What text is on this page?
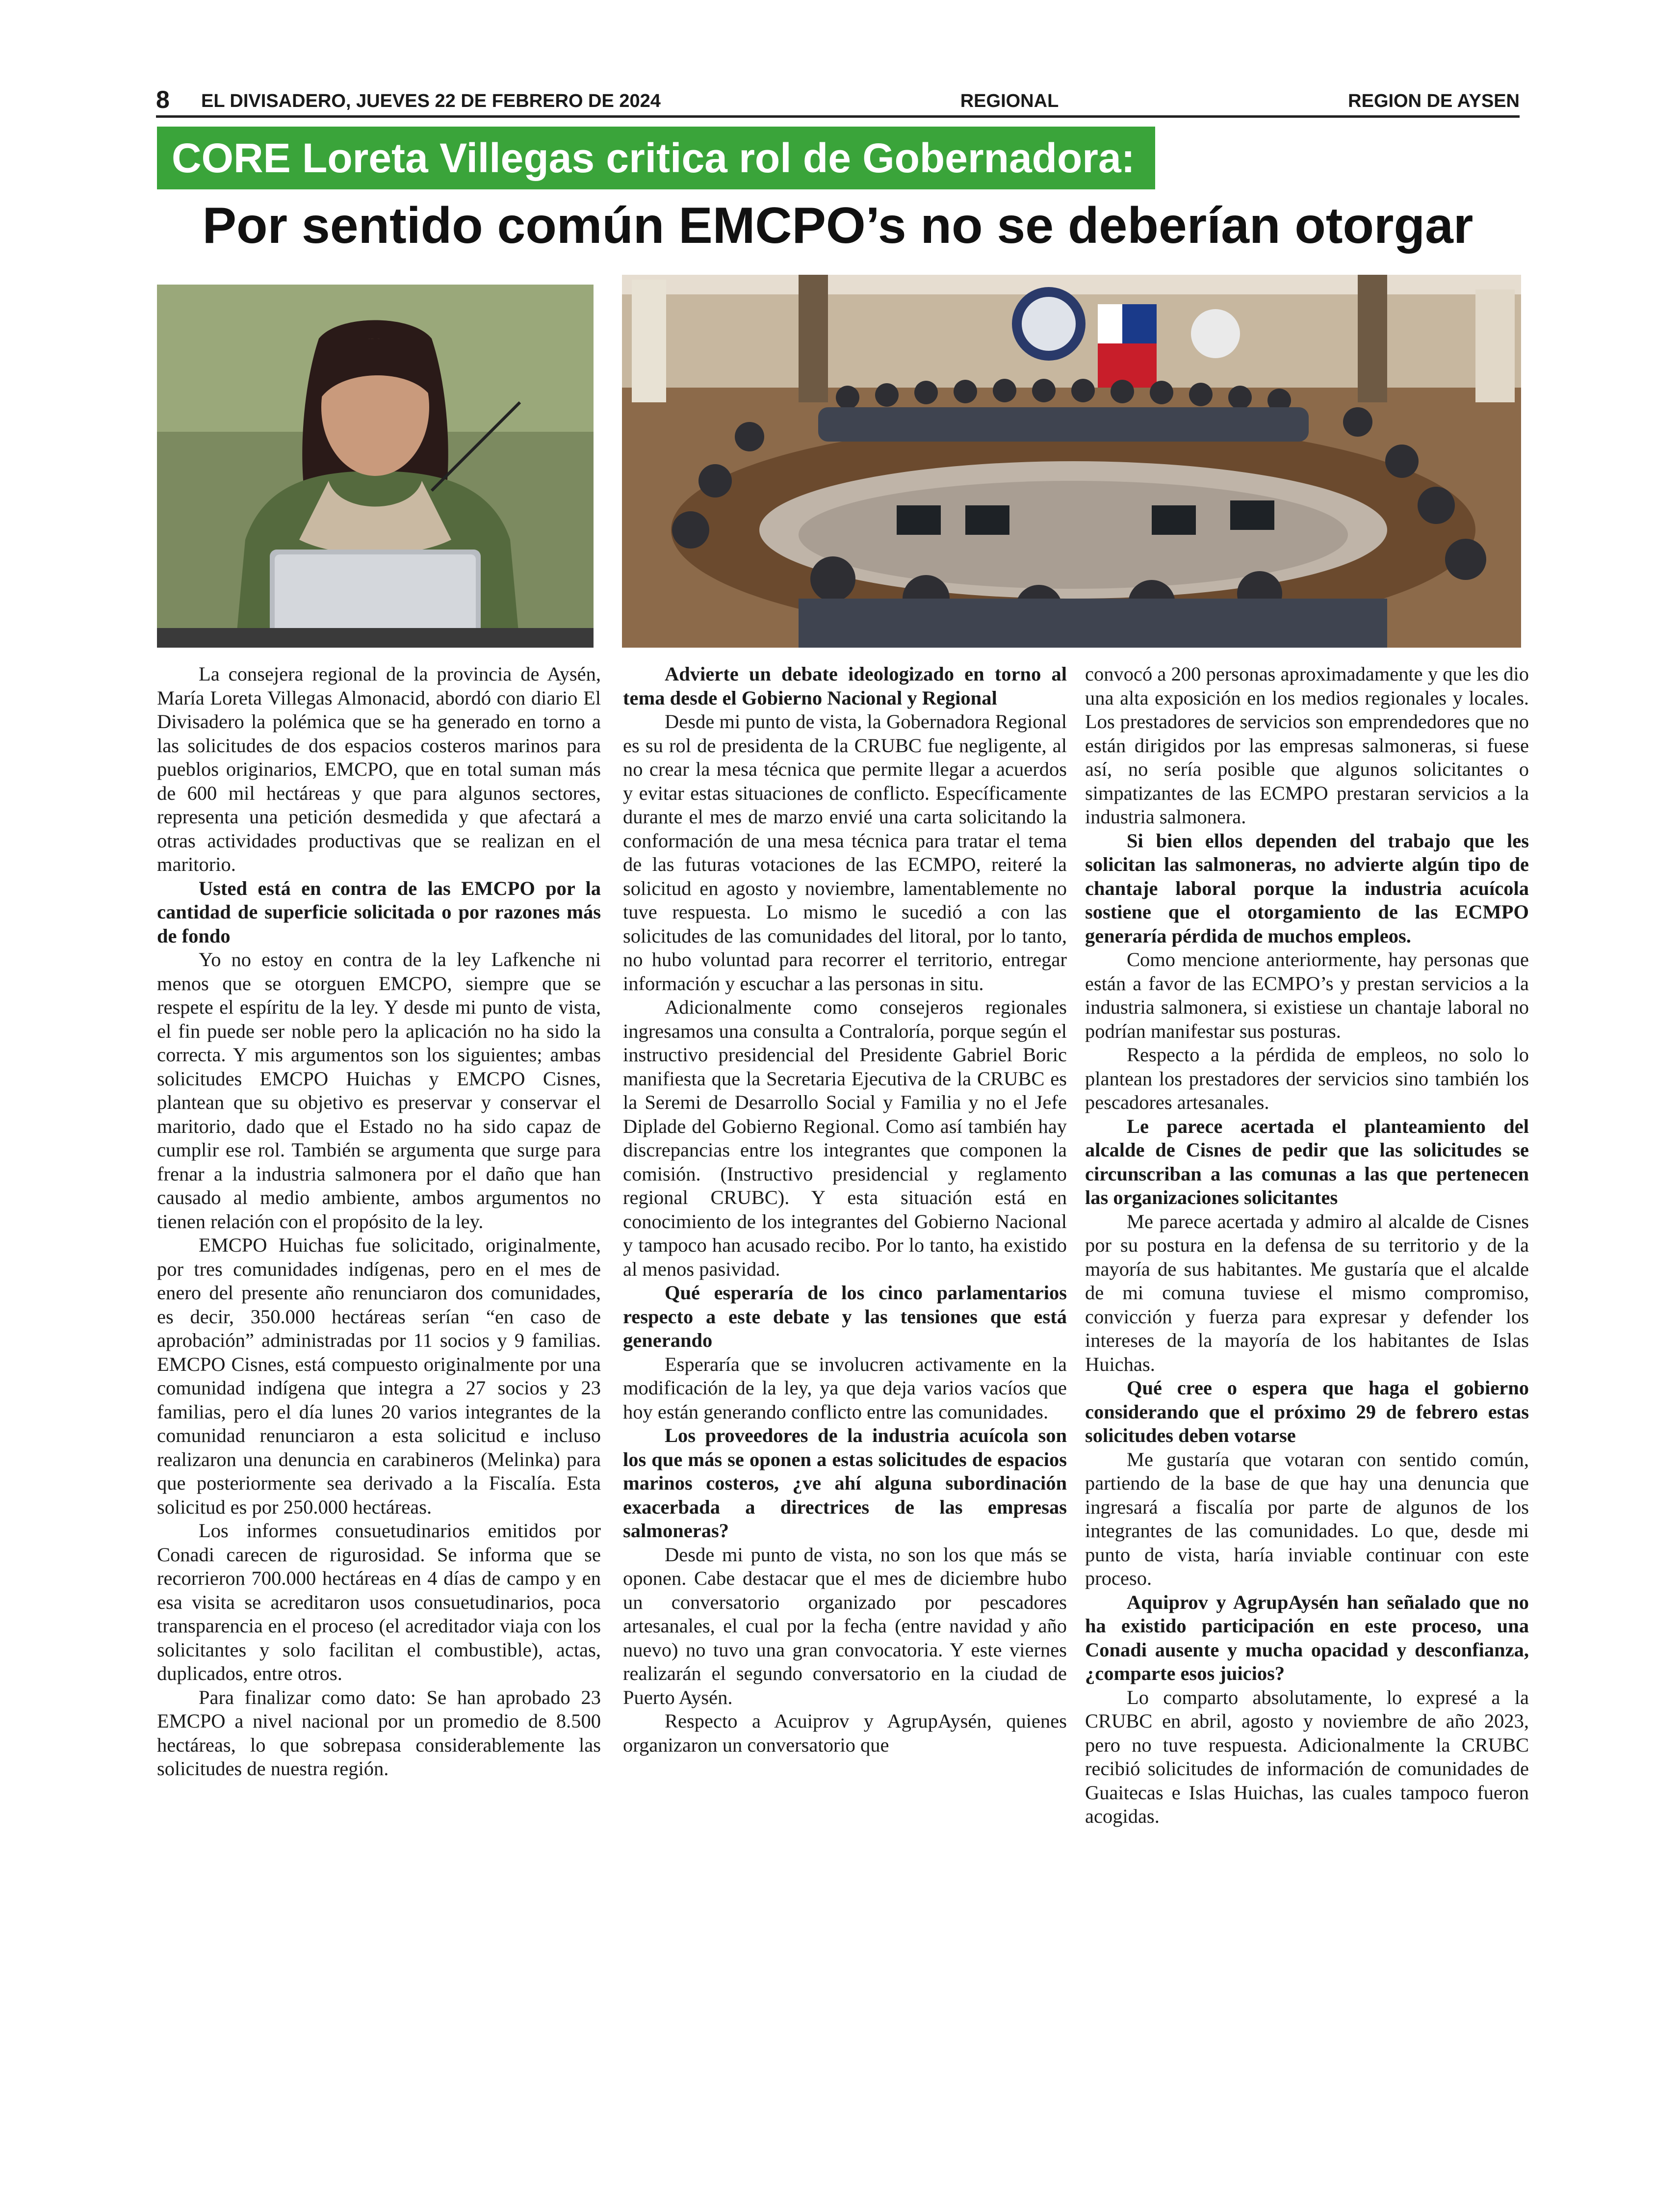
8 EL DIVISADERO, JUEVES 22 DE FEBRERO DE 2024	REGIONAL	REGION DE AYSEN
CORE Loreta Villegas critica rol de Gobernadora:
Por sentido común EMCPO’s no se deberían otorgar

La consejera regional de la provincia de Aysén, María Loreta Villegas Almonacid, abordó con diario El Divisadero la polémica que se ha generado en torno a las solicitudes de dos espacios costeros marinos para pueblos originarios, EMCPO, que en total suman más de 600 mil hectáreas y que para algunos sectores, representa una petición desmedida y que afectará a otras actividades productivas que se realizan en el maritorio.

Usted está en contra de las EMCPO por la cantidad de superficie solicitada o por razones más de fondo

Yo no estoy en contra de la ley Lafkenche ni menos que se otorguen EMCPO, siempre que se respete el espíritu de la ley. Y desde mi punto de vista, el fin puede ser noble pero la aplicación no ha sido la correcta. Y mis argumentos son los siguientes; ambas solicitudes EMCPO Huichas y EMCPO Cisnes, plantean que su objetivo es preservar y conservar el maritorio, dado que el Estado no ha sido capaz de cumplir ese rol. También se argumenta que surge para frenar a la industria salmonera por el daño que han causado al medio ambiente, ambos argumentos no tienen relación con el propósito de la ley.

EMCPO Huichas fue solicitado, originalmente, por tres comunidades indígenas, pero en el mes de enero del presente año renunciaron dos comunidades, es decir, 350.000 hectáreas serían “en caso de aprobación” administradas por 11 socios y 9 familias. EMCPO Cisnes, está compuesto originalmente por una comunidad indígena que integra a 27 socios y 23 familias, pero el día lunes 20 varios integrantes de la comunidad renunciaron a esta solicitud e incluso realizaron una denuncia en carabineros (Melinka) para que posteriormente sea derivado a la Fiscalía. Esta solicitud es por 250.000 hectáreas.

Los informes consuetudinarios emitidos por Conadi carecen de rigurosidad. Se informa que se recorrieron 700.000 hectáreas en 4 días de campo y en esa visita se acreditaron usos consuetudinarios, poca transparencia en el proceso (el acreditador viaja con los solicitantes y solo facilitan el combustible), actas, duplicados, entre otros.

Para finalizar como dato: Se han aprobado 23 EMCPO a nivel nacional por un promedio de 8.500 hectáreas, lo que sobrepasa considerablemente las solicitudes de nuestra región.

Advierte un debate ideologizado en torno al tema desde el Gobierno Nacional y Regional

Desde mi punto de vista, la Gobernadora Regional es su rol de presidenta de la CRUBC fue negligente, al no crear la mesa técnica que permite llegar a acuerdos y evitar estas situaciones de conflicto. Específicamente durante el mes de marzo envié una carta solicitando la conformación de una mesa técnica para tratar el tema de las futuras votaciones de las ECMPO, reiteré la solicitud en agosto y noviembre, lamentablemente no tuve respuesta. Lo mismo le sucedió a con las solicitudes de las comunidades del litoral, por lo tanto, no hubo voluntad para recorrer el territorio, entregar información y escuchar a las personas in situ.

Adicionalmente como consejeros regionales ingresamos una consulta a Contraloría, porque según el instructivo presidencial del Presidente Gabriel Boric manifiesta que la Secretaria Ejecutiva de la CRUBC es la Seremi de Desarrollo Social y Familia y no el Jefe Diplade del Gobierno Regional. Como así también hay discrepancias entre los integrantes que componen la comisión. (Instructivo presidencial y reglamento regional CRUBC). Y esta situación está en conocimiento de los integrantes del Gobierno Nacional y tampoco han acusado recibo. Por lo tanto, ha existido al menos pasividad.

Qué esperaría de los cinco parlamentarios respecto a este debate y las tensiones que está generando

Esperaría que se involucren activamente en la modificación de la ley, ya que deja varios vacíos que hoy están generando conflicto entre las comunidades.

Los proveedores de la industria acuícola son los que más se oponen a estas solicitudes de espacios marinos costeros, ¿ve ahí alguna subordinación exacerbada a directrices de las empresas salmoneras?

Desde mi punto de vista, no son los que más se oponen. Cabe destacar que el mes de diciembre hubo un conversatorio organizado por pescadores artesanales, el cual por la fecha (entre navidad y año nuevo) no tuvo una gran convocatoria. Y este viernes realizarán el segundo conversatorio en la ciudad de Puerto Aysén.

Respecto a Acuiprov y AgrupAysén, quienes organizaron un conversatorio que

convocó a 200 personas aproximadamente y que les dio una alta exposición en los medios regionales y locales. Los prestadores de servicios son emprendedores que no están dirigidos por las empresas salmoneras, si fuese así, no sería posible que algunos solicitantes o simpatizantes de las ECMPO prestaran servicios a la industria salmonera.

Si bien ellos dependen del trabajo que les solicitan las salmoneras, no advierte algún tipo de chantaje laboral porque la industria acuícola sostiene que el otorgamiento de las ECMPO generaría pérdida de muchos empleos.

Como mencione anteriormente, hay personas que están a favor de las ECMPO’s y prestan servicios a la industria salmonera, si existiese un chantaje laboral no podrían manifestar sus posturas.

Respecto a la pérdida de empleos, no solo lo plantean los prestadores der servicios sino también los pescadores artesanales.

Le parece acertada el planteamiento del alcalde de Cisnes de pedir que las solicitudes se circunscriban a las comunas a las que pertenecen las organizaciones solicitantes

Me parece acertada y admiro al alcalde de Cisnes por su postura en la defensa de su territorio y de la mayoría de sus habitantes. Me gustaría que el alcalde de mi comuna tuviese el mismo compromiso, convicción y fuerza para expresar y defender los intereses de la mayoría de los habitantes de Islas Huichas.

Qué cree o espera que haga el gobierno considerando que el próximo 29 de febrero estas solicitudes deben votarse

Me gustaría que votaran con sentido común, partiendo de la base de que hay una denuncia que ingresará a fiscalía por parte de algunos de los integrantes de las comunidades. Lo que, desde mi punto de vista, haría inviable continuar con este proceso.

Aquiprov y AgrupAysén han señalado que no ha existido participación en este proceso, una Conadi ausente y mucha opacidad y desconfianza, ¿comparte esos juicios?

Lo comparto absolutamente, lo expresé a la CRUBC en abril, agosto y noviembre de año 2023, pero no tuve respuesta. Adicionalmente la CRUBC recibió solicitudes de información de comunidades de Guaitecas e Islas Huichas, las cuales tampoco fueron acogidas.
